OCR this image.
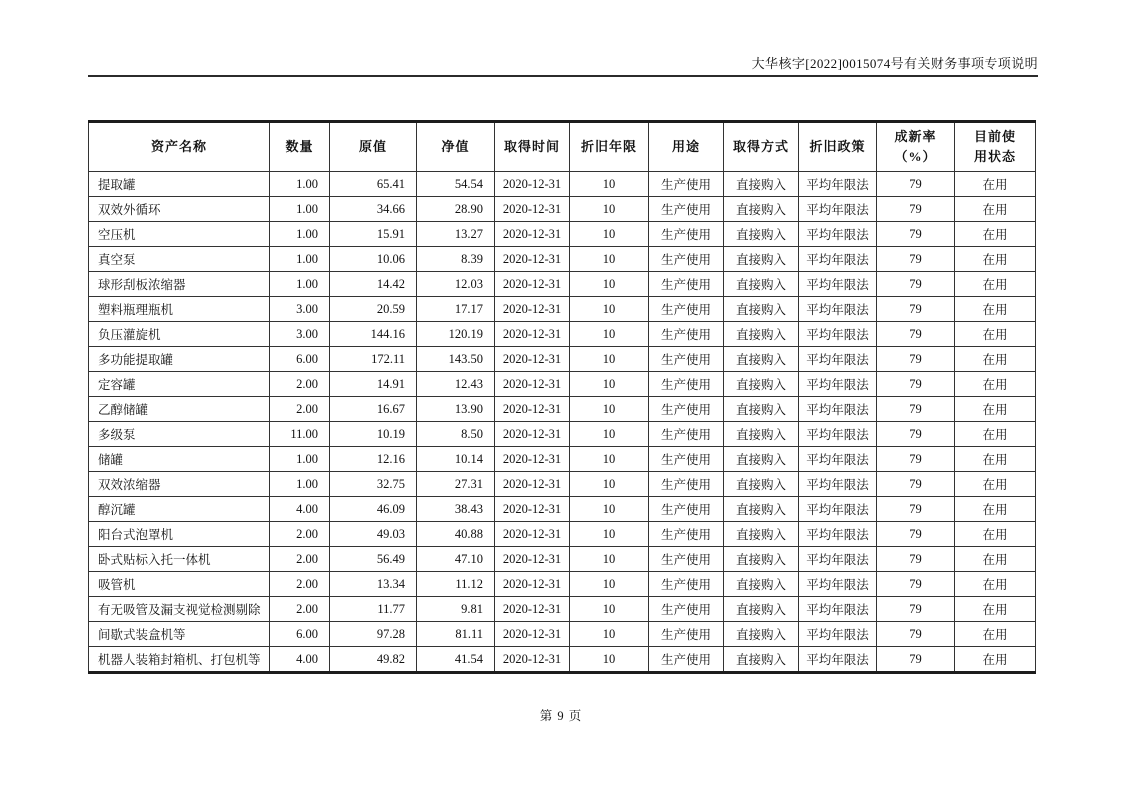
大华核字[2022]0015074号有关财务事项专项说明
资产名称	数量	原值	净值	取得时间	折旧年限	用途	取得方式	折旧政策	成新率（%）	目前使用状态
提取罐	1.00	65.41	54.54	2020-12-31	10	生产使用	直接购入	平均年限法	79	在用
双效外循环	1.00	34.66	28.90	2020-12-31	10	生产使用	直接购入	平均年限法	79	在用
空压机	1.00	15.91	13.27	2020-12-31	10	生产使用	直接购入	平均年限法	79	在用
真空泵	1.00	10.06	8.39	2020-12-31	10	生产使用	直接购入	平均年限法	79	在用
球形刮板浓缩器	1.00	14.42	12.03	2020-12-31	10	生产使用	直接购入	平均年限法	79	在用
塑料瓶理瓶机	3.00	20.59	17.17	2020-12-31	10	生产使用	直接购入	平均年限法	79	在用
负压灌旋机	3.00	144.16	120.19	2020-12-31	10	生产使用	直接购入	平均年限法	79	在用
多功能提取罐	6.00	172.11	143.50	2020-12-31	10	生产使用	直接购入	平均年限法	79	在用
定容罐	2.00	14.91	12.43	2020-12-31	10	生产使用	直接购入	平均年限法	79	在用
乙醇储罐	2.00	16.67	13.90	2020-12-31	10	生产使用	直接购入	平均年限法	79	在用
多级泵	11.00	10.19	8.50	2020-12-31	10	生产使用	直接购入	平均年限法	79	在用
储罐	1.00	12.16	10.14	2020-12-31	10	生产使用	直接购入	平均年限法	79	在用
双效浓缩器	1.00	32.75	27.31	2020-12-31	10	生产使用	直接购入	平均年限法	79	在用
醇沉罐	4.00	46.09	38.43	2020-12-31	10	生产使用	直接购入	平均年限法	79	在用
阳台式泡罩机	2.00	49.03	40.88	2020-12-31	10	生产使用	直接购入	平均年限法	79	在用
卧式贴标入托一体机	2.00	56.49	47.10	2020-12-31	10	生产使用	直接购入	平均年限法	79	在用
吸管机	2.00	13.34	11.12	2020-12-31	10	生产使用	直接购入	平均年限法	79	在用
有无吸管及漏支视觉检测剔除	2.00	11.77	9.81	2020-12-31	10	生产使用	直接购入	平均年限法	79	在用
间歇式装盒机等	6.00	97.28	81.11	2020-12-31	10	生产使用	直接购入	平均年限法	79	在用
机器人装箱封箱机、打包机等	4.00	49.82	41.54	2020-12-31	10	生产使用	直接购入	平均年限法	79	在用
第 9 页
